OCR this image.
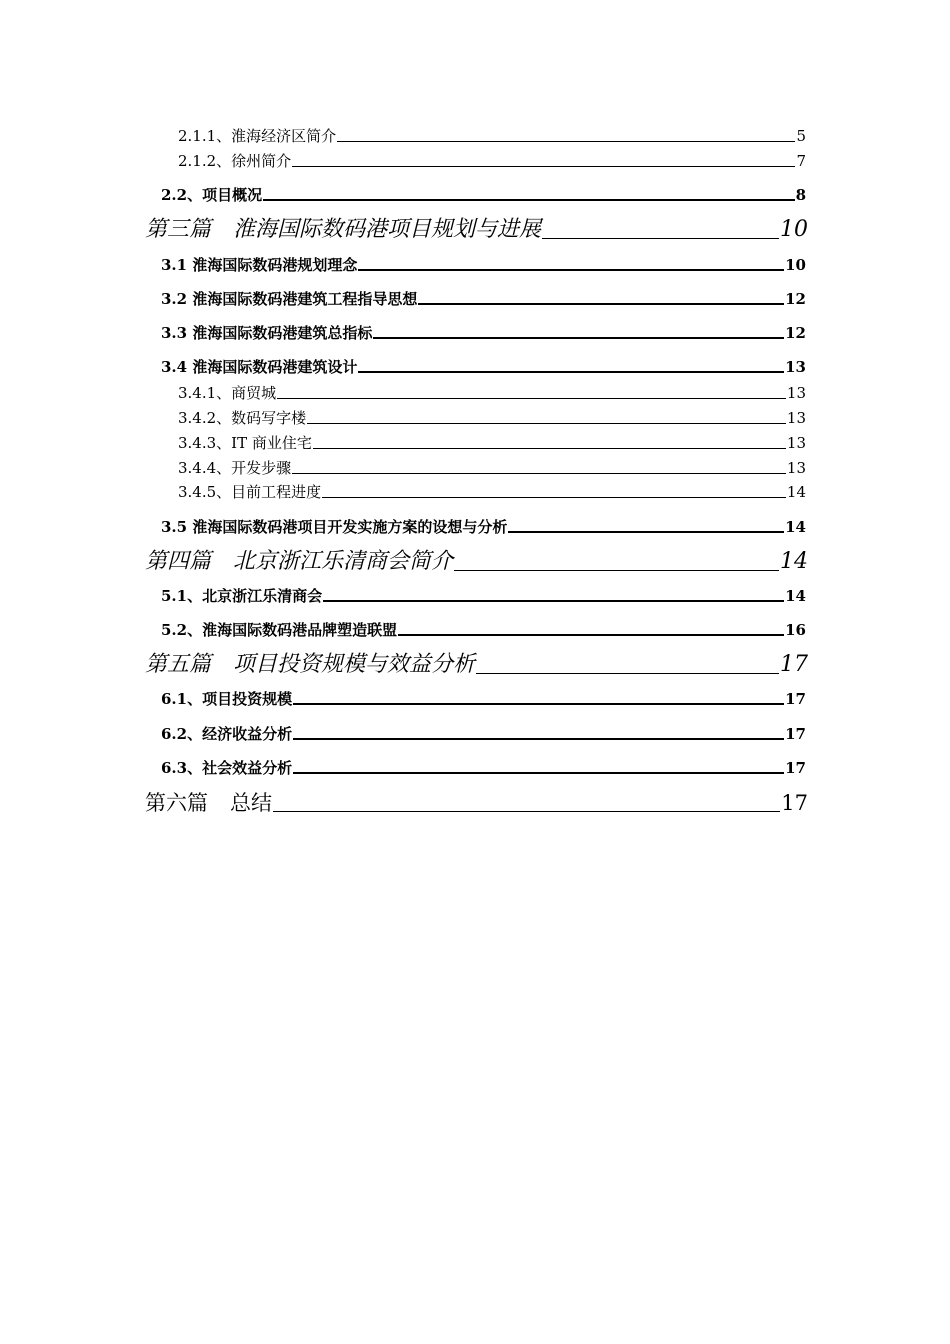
2.1.1、淮海经济区简介	5
2.1.2、徐州简介	7
2.2、项目概况	8
第三篇 淮海国际数码港项目规划与进展	10
3.1 淮海国际数码港规划理念	10
3.2 淮海国际数码港建筑工程指导思想	12
3.3 淮海国际数码港建筑总指标	12
3.4 淮海国际数码港建筑设计	13
3.4.1、商贸城	13
3.4.2、数码写字楼	13
3.4.3、IT 商业住宅	13
3.4.4、开发步骤	13
3.4.5、目前工程进度	14
3.5 淮海国际数码港项目开发实施方案的设想与分析	14
第四篇 北京浙江乐清商会简介	14
5.1、北京浙江乐清商会	14
5.2、淮海国际数码港品牌塑造联盟	16
第五篇 项目投资规模与效益分析	17
6.1、项目投资规模	17
6.2、经济收益分析	17
6.3、社会效益分析	17
第六篇 总结	17
